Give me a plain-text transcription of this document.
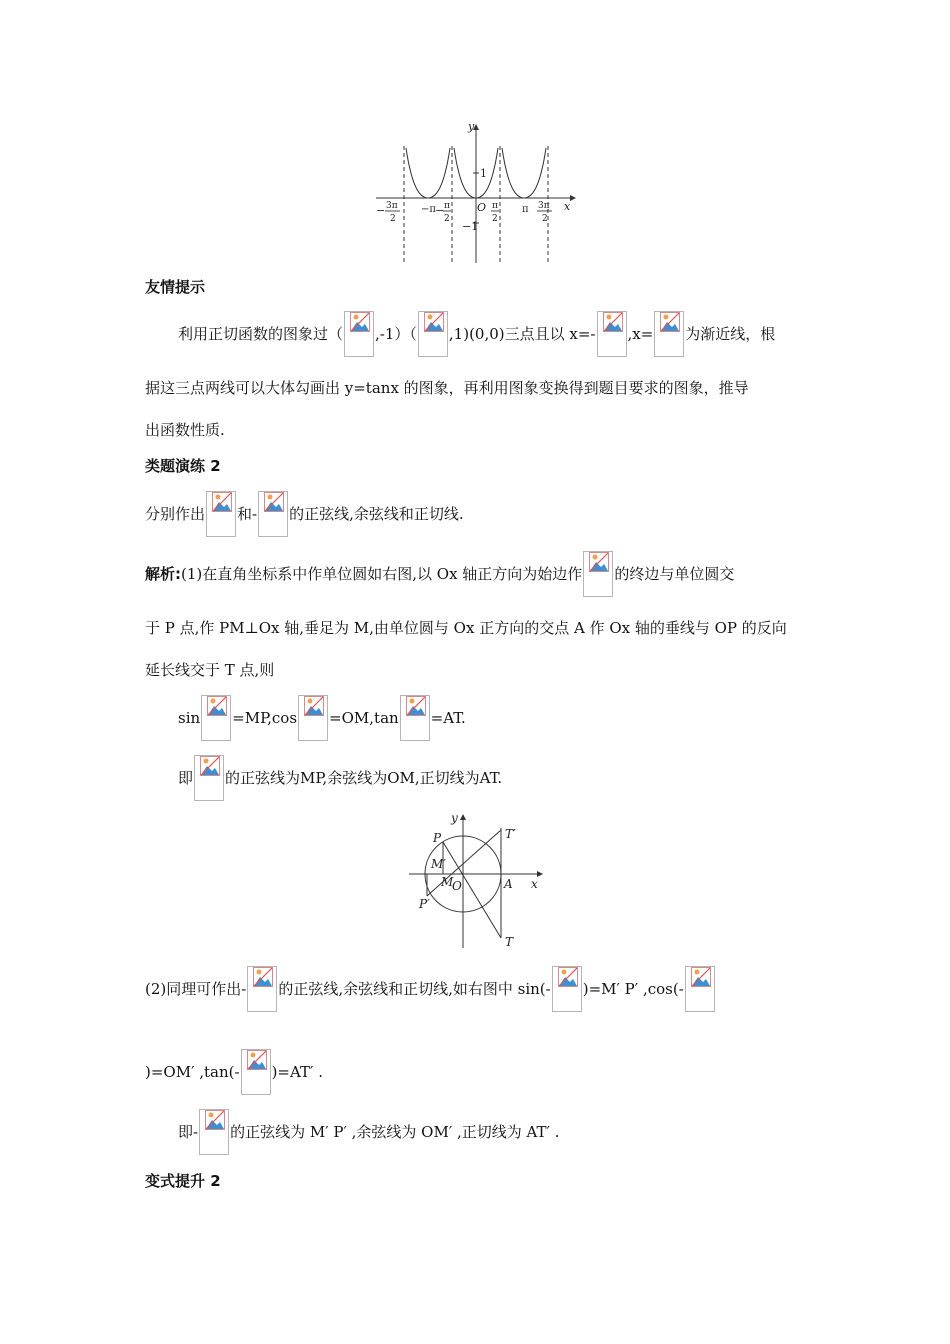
y
x
O
1
−1
− 3π
2
−π − π
2
π
2
π 3π
2
友情提示
利用正切函数的图象过（ ,-1）（ ,1)(0,0)三点且以 x=- ,x= 为渐近线，根
据这三点两线可以大体勾画出 y=tanx 的图象，再利用图象变换得到题目要求的图象，推导
出函数性质.
类题演练 2
分别作出 和- 的正弦线,余弦线和正切线.
解析: (1)在直角坐标系中作单位圆如右图,以 Ox 轴正方向为始边作 的终边与单位圆交
于 P 点,作 PM⊥Ox 轴,垂足为 M,由单位圆与 Ox 正方向的交点 A 作 Ox 轴的垂线与 OP 的反向
延长线交于 T 点,则
sin =MP,cos =OM,tan =AT.
即 的正弦线为MP,余弦线为OM,正切线为AT.
y
x
O	A
P
P′
M′
M
T
T′
(2)同理可作出- 的正弦线,余弦线和正切线,如右图中 sin(- )=M′ P′ ,cos(-
)=OM′ ,tan(- )=AT′ .
即- 的正弦线为 M′ P′ ,余弦线为 OM′ ,正切线为 AT′ .
变式提升 2
